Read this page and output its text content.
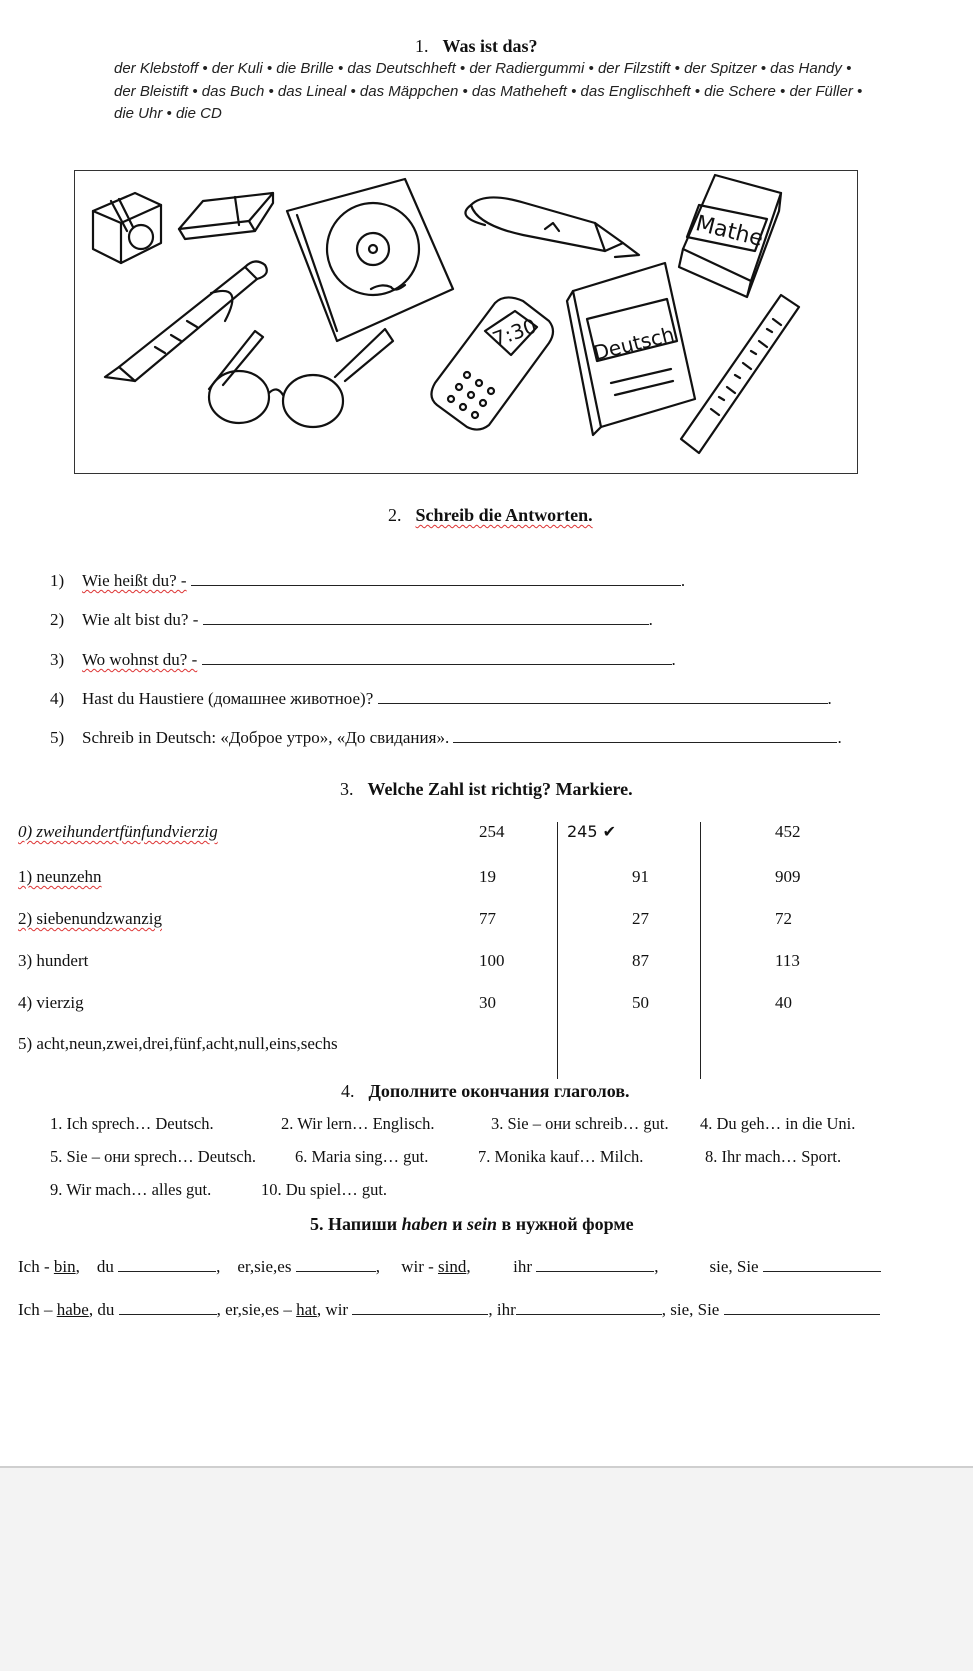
1. Was ist das?
der Klebstoff • der Kuli • die Brille • das Deutschheft • der Radiergummi • der Filzstift • der Spitzer • das Handy •
der Bleistift • das Buch • das Lineal • das Mäppchen • das Matheheft • das Englischheft • die Schere • der Füller •
die Uhr • die CD
Mathe
7:30	Deutsch
2. Schreib die Antworten.
1) Wie heißt du? -	.
2) Wie alt bist du? -	.
3) Wo wohnst du? -	.
4) Hast du Haustiere (домашнее животное)?	.
5) Schreib in Deutsch: «Доброе утро», «До свидания».	.
3. Welche Zahl ist richtig? Markiere.
0) zweihundertfünfundvierzig	254	245 ✔	452
1) neunzehn	19	91	909
2) siebenundzwanzig	77	27	72
3) hundert	100	87	113
4) vierzig	30	50	40
5) acht,neun,zwei,drei,fünf,acht,null,eins,sechs
4. Дополните окончания глаголов.
1. Ich sprech… Deutsch.	2. Wir lern… Englisch.	3. Sie – они schreib… gut. 4. Du geh… in die Uni.
5. Sie – они sprech… Deutsch. 6. Maria sing… gut.	7. Monika kauf… Milch.	8. Ihr mach… Sport.
9. Wir mach… alles gut.	10. Du spiel… gut.
5. Напиши haben и sein в нужной форме
Ich - bin,    du	,    er,sie,es	,     wir - sind,	ihr	,            sie, Sie
Ich – habe, du	, er,sie,es – hat, wir	, ihr	, sie, Sie
